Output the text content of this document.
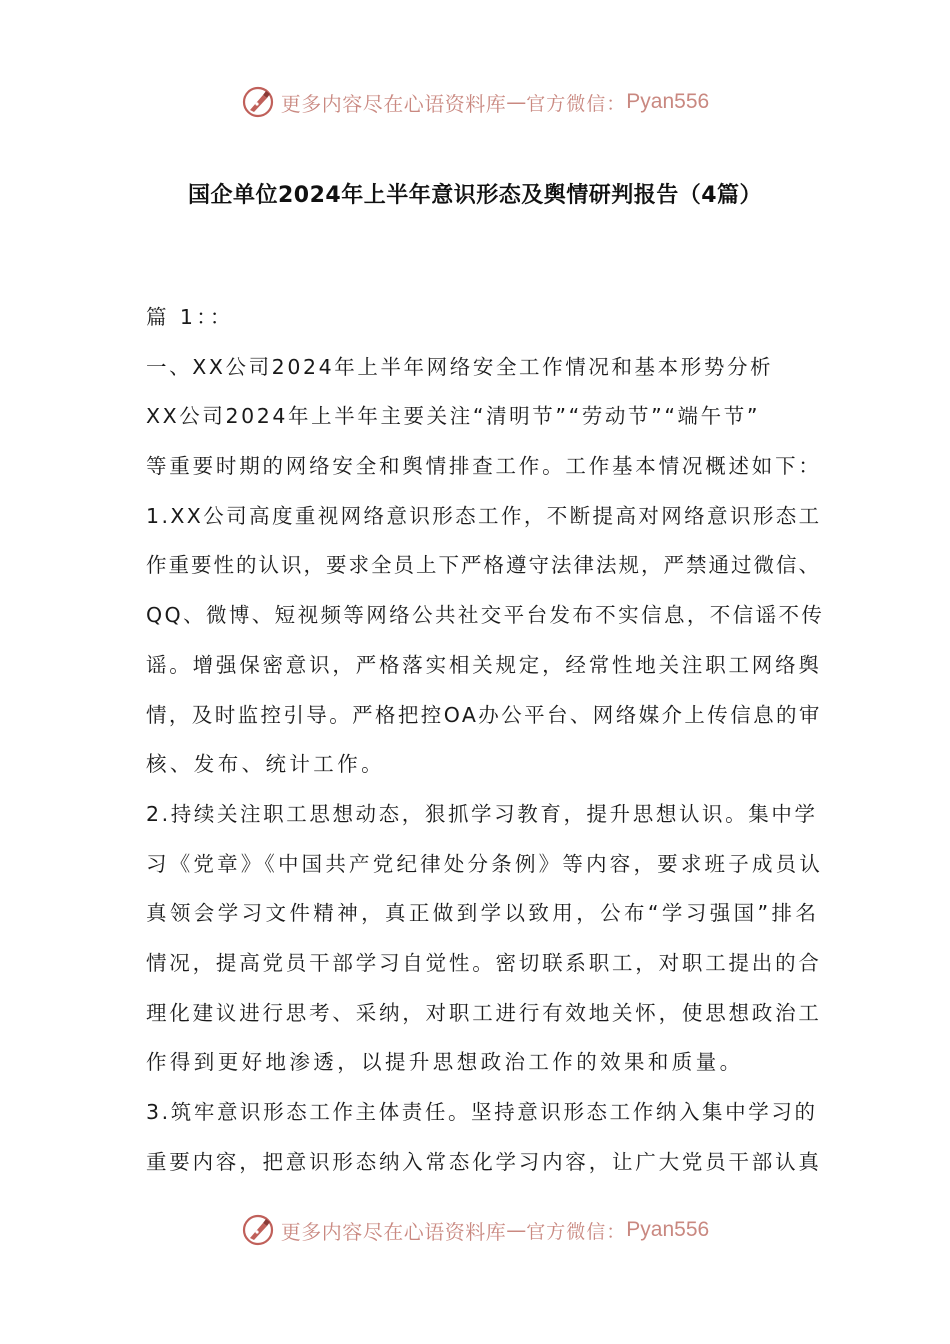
更多内容尽在心语资料库 — 官方微信： Pyan556
国企单位2024年上半年意识形态及舆情研判报告（4篇）
篇 1：：
一、XX公司2024年上半年网络安全工作情况和基本形势分析
XX公司2024年上半年主要关注“清明节”“劳动节”“端午节”
等重要时期的网络安全和舆情排查工作。工作基本情况概述如下：
1.XX公司高度重视网络意识形态工作，不断提高对网络意识形态工
作重要性的认识，要求全员上下严格遵守法律法规，严禁通过微信、
QQ、微博、短视频等网络公共社交平台发布不实信息，不信谣不传
谣。增强保密意识，严格落实相关规定，经常性地关注职工网络舆
情，及时监控引导。严格把控OA办公平台、网络媒介上传信息的审
核、发布、统计工作。
2.持续关注职工思想动态，狠抓学习教育，提升思想认识。集中学
习《党章》《中国共产党纪律处分条例》等内容，要求班子成员认
真领会学习文件精神，真正做到学以致用，公布“学习强国”排名
情况，提高党员干部学习自觉性。密切联系职工，对职工提出的合
理化建议进行思考、采纳，对职工进行有效地关怀，使思想政治工
作得到更好地渗透，以提升思想政治工作的效果和质量。
3.筑牢意识形态工作主体责任。坚持意识形态工作纳入集中学习的
重要内容，把意识形态纳入常态化学习内容，让广大党员干部认真
更多内容尽在心语资料库 — 官方微信： Pyan556
